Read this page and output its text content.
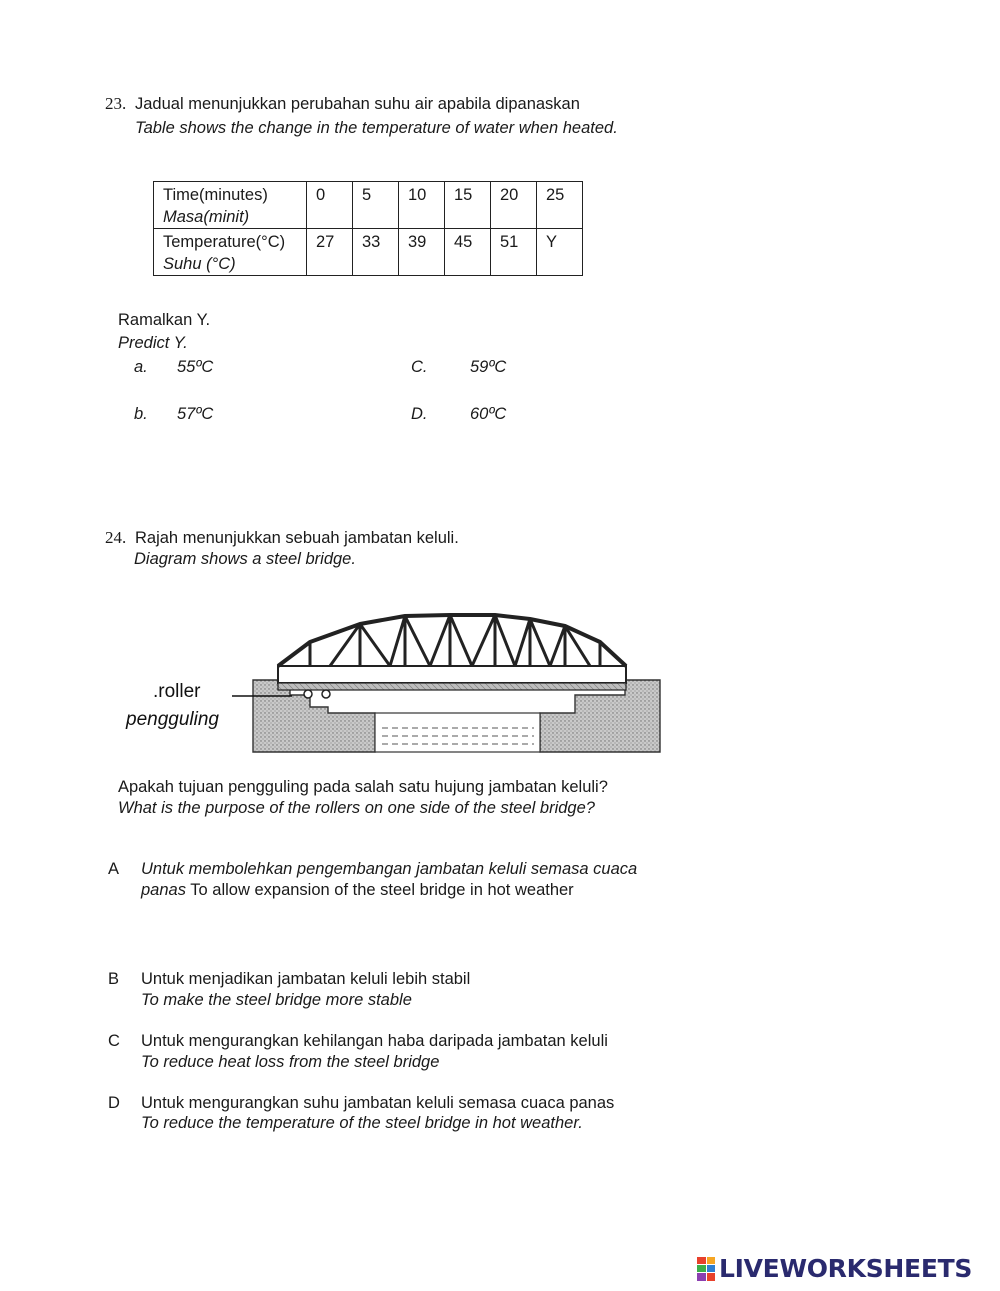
23. Jadual menunjukkan perubahan suhu air apabila dipanaskan
Table shows the change in the temperature of water when heated.
Time(minutes)
Masa(minit)	0	5	10	15	20	25

Temperature(°C)
Suhu (°C)	27	33	39	45	51	Y
Ramalkan Y.
Predict Y.
a. 55ºC
b. 57ºC
C.	59ºC
D.	60ºC
24. Rajah menunjukkan sebuah jambatan keluli.
Diagram shows a steel bridge.
.roller
pengguling
Apakah tujuan pengguling pada salah satu hujung jambatan keluli?
What is the purpose of the rollers on one side of the steel bridge?
A Untuk membolehkan pengembangan jambatan keluli semasa cuaca
panas To allow expansion of the steel bridge in hot weather
B Untuk menjadikan jambatan keluli lebih stabil
To make the steel bridge more stable
C Untuk mengurangkan kehilangan haba daripada jambatan keluli
To reduce heat loss from the steel bridge
D Untuk mengurangkan suhu jambatan keluli semasa cuaca panas
To reduce the temperature of the steel bridge in hot weather.
LIVEWORKSHEETS
